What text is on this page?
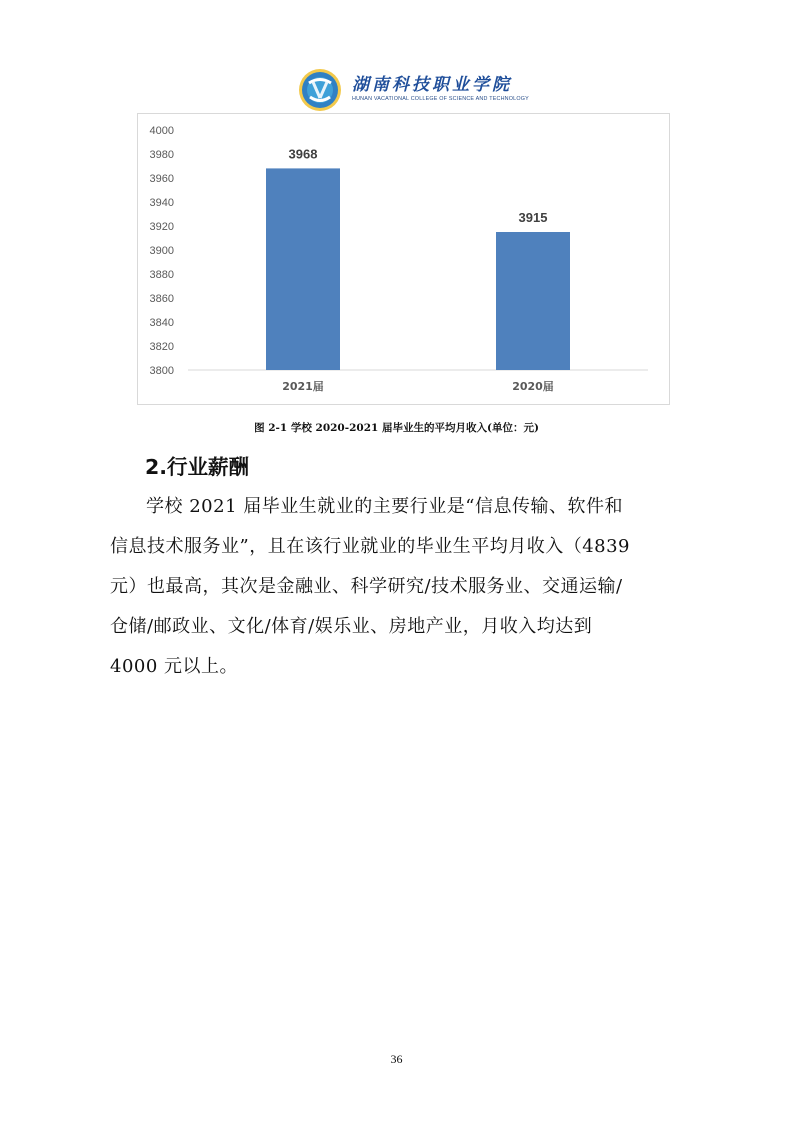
湖南科技职业学院
HUNAN VACATIONAL COLLEGE OF SCIENCE AND TECHNOLOGY
3800
3820
3840
3860
3880
3900
3920
3940
3960
3980
4000
3968
2021届
3915
2020届
图 2-1 学校 2020-2021 届毕业生的平均月收入(单位：元)
2.行业薪酬
学校 2021 届毕业生就业的主要行业是“信息传输、软件和
信息技术服务业”，且在该行业就业的毕业生平均月收入（4839
元）也最高，其次是金融业、科学研究/技术服务业、交通运输/
仓储/邮政业、文化/体育/娱乐业、房地产业，月收入均达到
4000 元以上。
36
